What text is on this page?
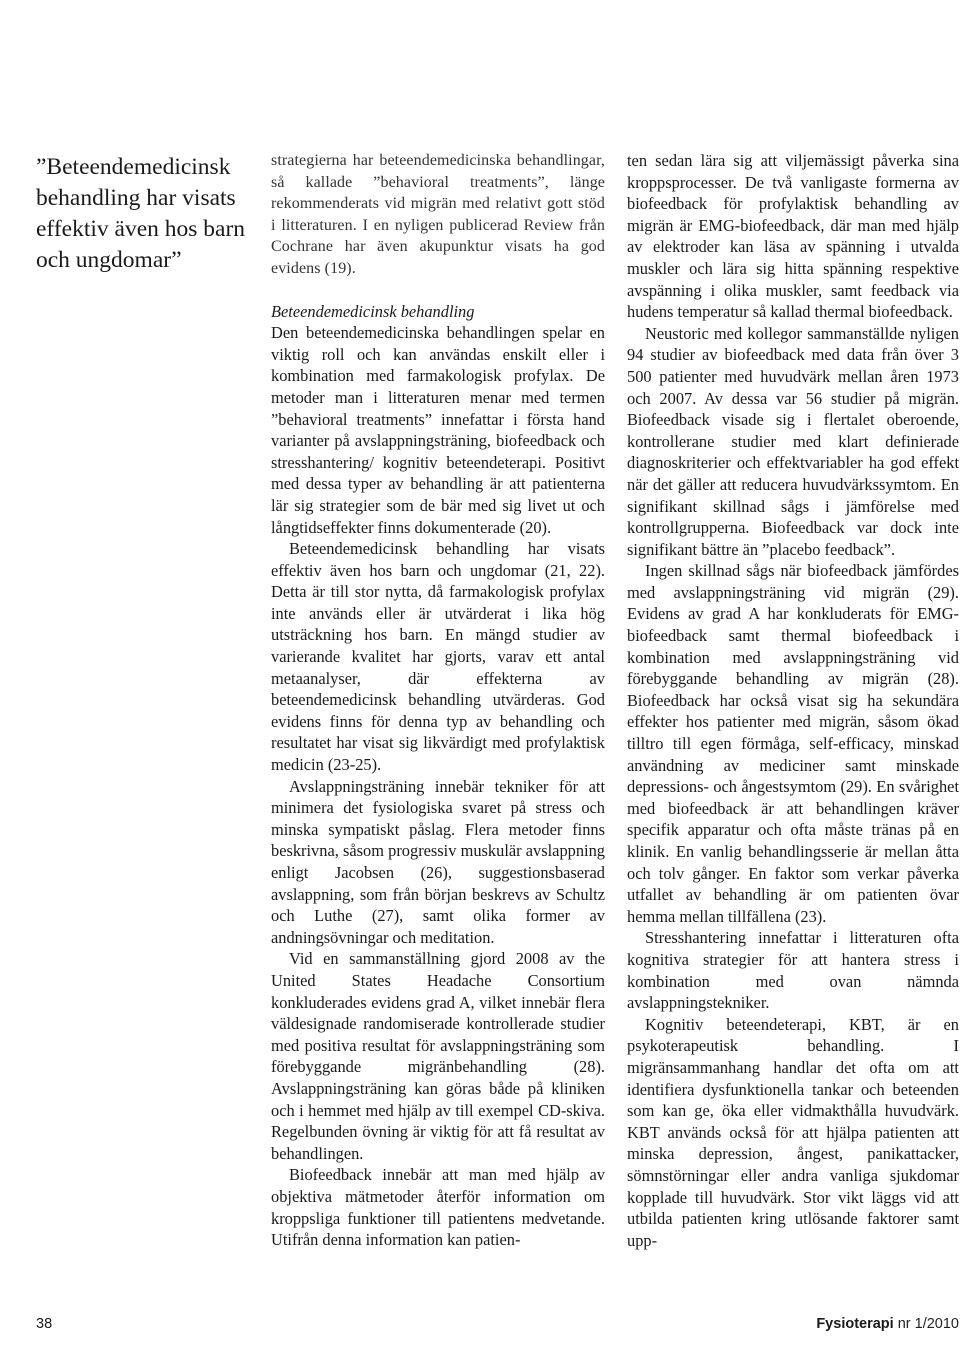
”Beteendemedicinsk behandling har visats effektiv även hos barn och ungdomar”

strategierna har beteendemedicinska behandlingar, så kallade ”behavioral treatments”, länge rekommenderats vid migrän med relativt gott stöd i litteraturen. I en nyligen publicerad Review från Cochrane har även akupunktur visats ha god evidens (19).

Beteendemedicinsk behandling

Den beteendemedicinska behandlingen spelar en viktig roll och kan användas enskilt eller i kombination med farmakologisk profylax. De metoder man i litteraturen menar med termen ”behavioral treatments” innefattar i första hand varianter på avslappningsträning, biofeedback och stresshantering/ kognitiv beteendeterapi. Positivt med dessa typer av behandling är att patienterna lär sig strategier som de bär med sig livet ut och långtidseffekter finns dokumenterade (20).

Beteendemedicinsk behandling har visats effektiv även hos barn och ungdomar (21, 22). Detta är till stor nytta, då farmakologisk profylax inte används eller är utvärderat i lika hög utsträckning hos barn. En mängd studier av varierande kvalitet har gjorts, varav ett antal metaanalyser, där effekterna av beteendemedicinsk behandling utvärderas. God evidens finns för denna typ av behandling och resultatet har visat sig likvärdigt med profylaktisk medicin (23-25).

Avslappningsträning innebär tekniker för att minimera det fysiologiska svaret på stress och minska sympatiskt påslag. Flera metoder finns beskrivna, såsom progressiv muskulär avslappning enligt Jacobsen (26), suggestionsbaserad avslappning, som från början beskrevs av Schultz och Luthe (27), samt olika former av andningsövningar och meditation.

Vid en sammanställning gjord 2008 av the United States Headache Consortium konkluderades evidens grad A, vilket innebär flera väldesignade randomiserade kontrollerade studier med positiva resultat för avslappningsträning som förebyggande migränbehandling (28). Avslappningsträning kan göras både på kliniken och i hemmet med hjälp av till exempel CD-skiva. Regelbunden övning är viktig för att få resultat av behandlingen.

Biofeedback innebär att man med hjälp av objektiva mätmetoder återför information om kroppsliga funktioner till patientens medvetande. Utifrån denna information kan patien-

ten sedan lära sig att viljemässigt påverka sina kroppsprocesser. De två vanligaste formerna av biofeedback för profylaktisk behandling av migrän är EMG-biofeedback, där man med hjälp av elektroder kan läsa av spänning i utvalda muskler och lära sig hitta spänning respektive avspänning i olika muskler, samt feedback via hudens temperatur så kallad thermal biofeedback.

Neustoric med kollegor sammanställde nyligen 94 studier av biofeedback med data från över 3 500 patienter med huvudvärk mellan åren 1973 och 2007. Av dessa var 56 studier på migrän. Biofeedback visade sig i flertalet oberoende, kontrollerane studier med klart definierade diagnoskriterier och effektvariabler ha god effekt när det gäller att reducera huvudvärkssymtom. En signifikant skillnad sågs i jämförelse med kontrollgrupperna. Biofeedback var dock inte signifikant bättre än ”placebo feedback”.

Ingen skillnad sågs när biofeedback jämfördes med avslappningsträning vid migrän (29). Evidens av grad A har konkluderats för EMG-biofeedback samt thermal biofeedback i kombination med avslappningsträning vid förebyggande behandling av migrän (28). Biofeedback har också visat sig ha sekundära effekter hos patienter med migrän, såsom ökad tilltro till egen förmåga, self-efficacy, minskad användning av mediciner samt minskade depressions- och ångestsymtom (29). En svårighet med biofeedback är att behandlingen kräver specifik apparatur och ofta måste tränas på en klinik. En vanlig behandlingsserie är mellan åtta och tolv gånger. En faktor som verkar påverka utfallet av behandling är om patienten övar hemma mellan tillfällena (23).

Stresshantering innefattar i litteraturen ofta kognitiva strategier för att hantera stress i kombination med ovan nämnda avslappningstekniker.

Kognitiv beteendeterapi, KBT, är en psykoterapeutisk behandling. I migränsammanhang handlar det ofta om att identifiera dysfunktionella tankar och beteenden som kan ge, öka eller vidmakthålla huvudvärk. KBT används också för att hjälpa patienten att minska depression, ångest, panikattacker, sömnstörningar eller andra vanliga sjukdomar kopplade till huvudvärk. Stor vikt läggs vid att utbilda patienten kring utlösande faktorer samt upp-

38	Fysioterapi nr 1/2010
